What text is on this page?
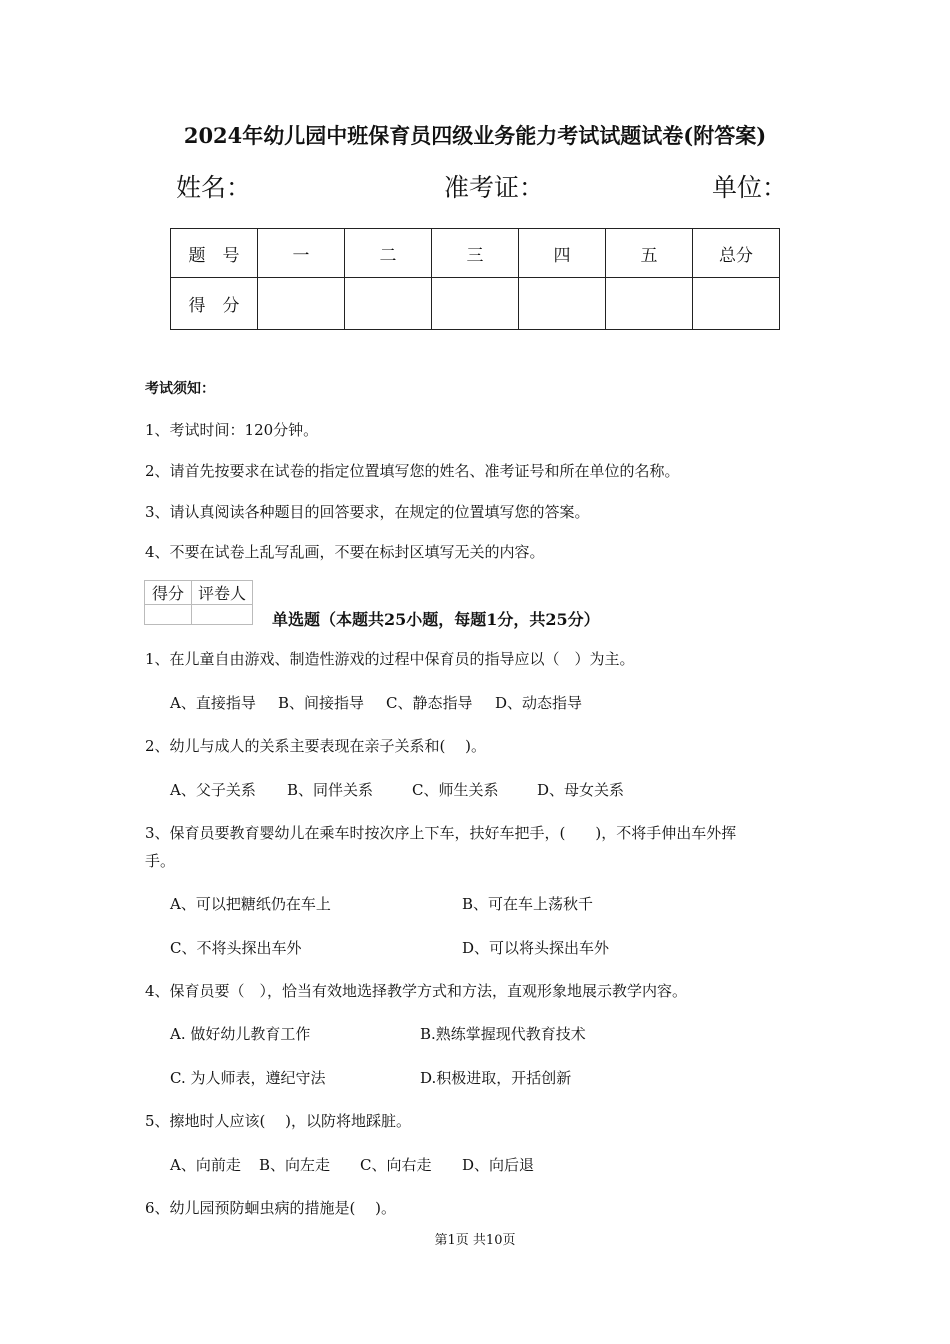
2024年幼儿园中班保育员四级业务能力考试试题试卷(附答案)
姓名：	准考证：	单位：
题　号	一	二	三	四	五	总分
得　分						
考试须知：
1、考试时间：120分钟。
2、请首先按要求在试卷的指定位置填写您的姓名、准考证号和所在单位的名称。
3、请认真阅读各种题目的回答要求，在规定的位置填写您的答案。
4、不要在试卷上乱写乱画，不要在标封区填写无关的内容。
得分	评卷人

单选题（本题共25小题，每题1分，共25分）
1、在儿童自由游戏、制造性游戏的过程中保育员的指导应以（　）为主。
A、直接指导 B、间接指导 C、静态指导 D、动态指导
2、幼儿与成人的关系主要表现在亲子关系和(　 )。
A、父子关系 B、同伴关系	C、师生关系	D、母女关系
3、保育员要教育婴幼儿在乘车时按次序上下车，扶好车把手，(　　)，不将手伸出车外挥
手。
A、可以把糖纸仍在车上	B、可在车上荡秋千
C、不将头探出车外	D、可以将头探出车外
4、保育员要（　），恰当有效地选择教学方式和方法，直观形象地展示教学内容。
A. 做好幼儿教育工作	B.熟练掌握现代教育技术
C. 为人师表，遵纪守法	D.积极进取，开括创新
5、擦地时人应该(　 )，以防将地踩脏。
A、向前走 B、向左走 C、向右走 D、向后退
6、幼儿园预防蛔虫病的措施是(　 )。
第1页 共10页
